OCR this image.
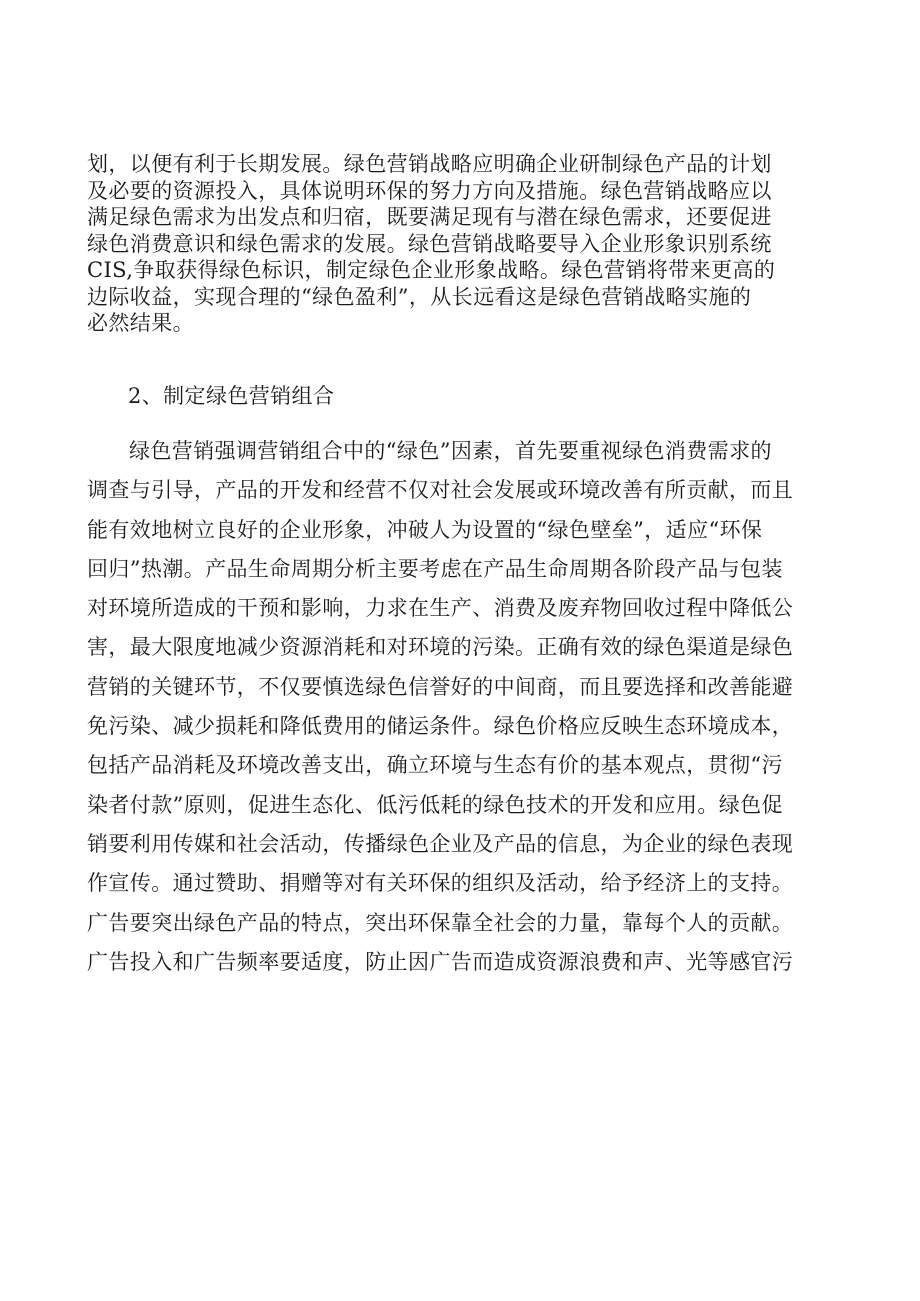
划，以便有利于长期发展。绿色营销战略应明确企业研制绿色产品的计划
及必要的资源投入，具体说明环保的努力方向及措施。绿色营销战略应以
满足绿色需求为出发点和归宿，既要满足现有与潜在绿色需求，还要促进
绿色消费意识和绿色需求的发展。绿色营销战略要导入企业形象识别系统
CIS,争取获得绿色标识，制定绿色企业形象战略。绿色营销将带来更高的
边际收益，实现合理的“绿色盈利”，从长远看这是绿色营销战略实施的
必然结果。

2、制定绿色营销组合

绿色营销强调营销组合中的“绿色”因素，首先要重视绿色消费需求的
调查与引导，产品的开发和经营不仅对社会发展或环境改善有所贡献，而且
能有效地树立良好的企业形象，冲破人为设置的“绿色壁垒”，适应“环保
回归”热潮。产品生命周期分析主要考虑在产品生命周期各阶段产品与包装
对环境所造成的干预和影响，力求在生产、消费及废弃物回收过程中降低公
害，最大限度地减少资源消耗和对环境的污染。正确有效的绿色渠道是绿色
营销的关键环节，不仅要慎选绿色信誉好的中间商，而且要选择和改善能避
免污染、减少损耗和降低费用的储运条件。绿色价格应反映生态环境成本，
包括产品消耗及环境改善支出，确立环境与生态有价的基本观点，贯彻“污
染者付款”原则，促进生态化、低污低耗的绿色技术的开发和应用。绿色促
销要利用传媒和社会活动，传播绿色企业及产品的信息，为企业的绿色表现
作宣传。通过赞助、捐赠等对有关环保的组织及活动，给予经济上的支持。
广告要突出绿色产品的特点，突出环保靠全社会的力量，靠每个人的贡献。
广告投入和广告频率要适度，防止因广告而造成资源浪费和声、光等感官污
